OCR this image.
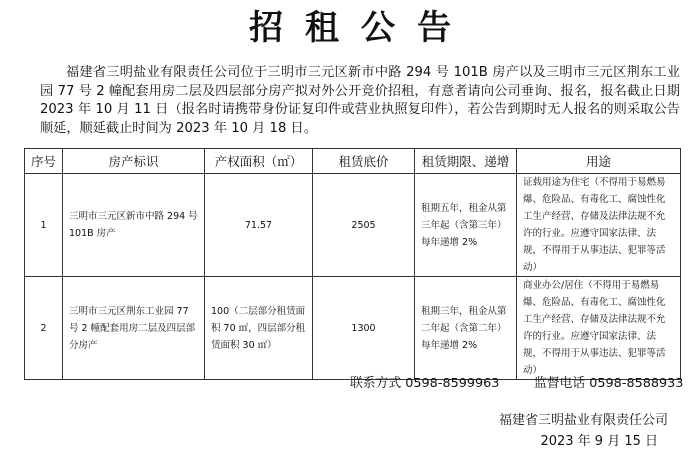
招租公告

福建省三明盐业有限责任公司位于三明市三元区新市中路 294 号 101B 房产以及三明市三元区荆东工业园 77 号 2 幢配套用房二层及四层部分房产拟对外公开竞价招租，有意者请向公司垂询、报名，报名截止日期 2023 年 10 月 11 日（报名时请携带身份证复印件或营业执照复印件），若公告到期时无人报名的则采取公告顺延，顺延截止时间为 2023 年 10 月 18 日。

序号	房产标识	产权面积（㎡）	租赁底价	租赁期限、递增	用途
1	三明市三元区新市中路 294 号 101B 房产	71.57	2505	租期五年，租金从第三年起（含第三年）每年递增 2%	证载用途为住宅（不得用于易燃易爆、危险品、有毒化工、腐蚀性化工生产经营、存储及法律法规不允许的行业。应遵守国家法律、法规，不得用于从事违法、犯罪等活动）
2	三明市三元区荆东工业园 77 号 2 幢配套用房二层及四层部分房产	100（二层部分租赁面积 70 ㎡，四层部分租赁面积 30 ㎡）	1300	租期三年，租金从第二年起（含第二年）每年递增 2%	商业办公/居住（不得用于易燃易爆、危险品、有毒化工、腐蚀性化工生产经营、存储及法律法规不允许的行业。应遵守国家法律、法规，不得用于从事违法、犯罪等活动）
联系方式 0598-8599963	监督电话 0598-8588933
福建省三明盐业有限责任公司
2023 年 9 月 15 日
